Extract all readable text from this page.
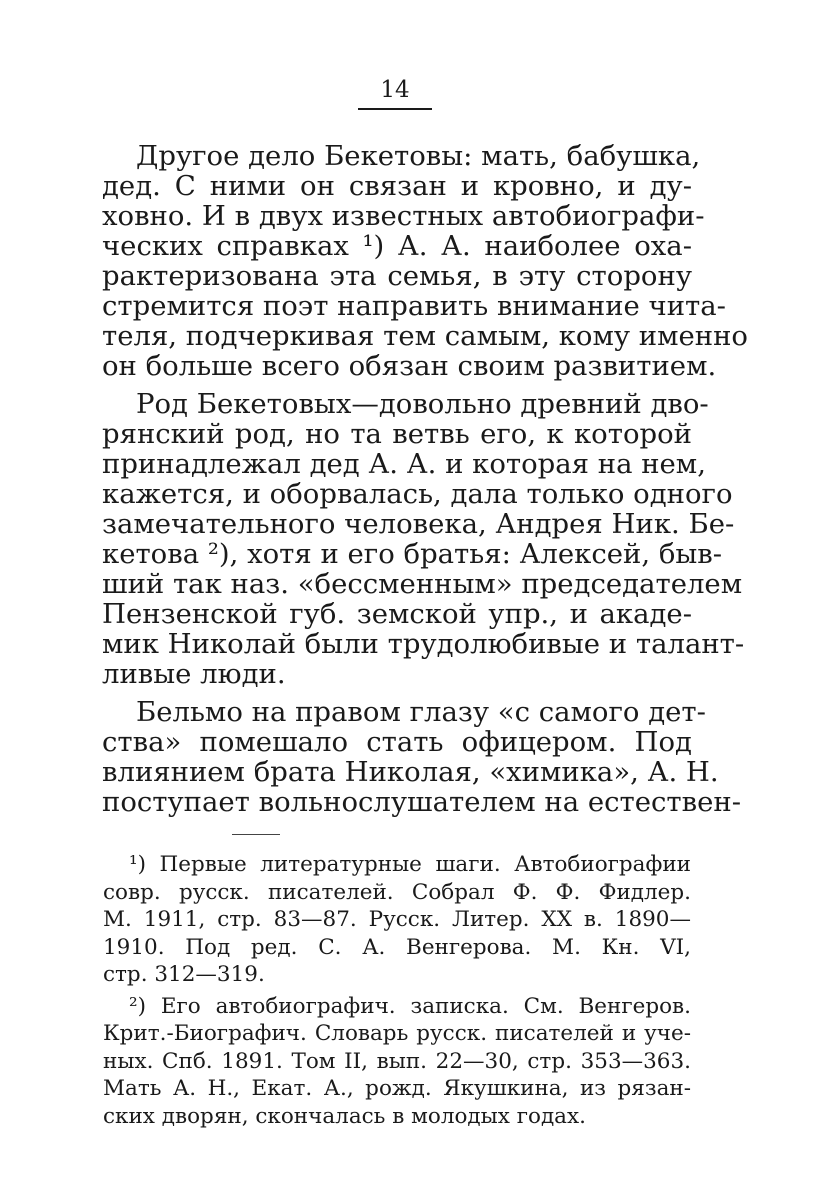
14
Другое дело Бекетовы: мать, бабушка,
дед. С ними он связан и кровно, и ду-
ховно. И в двух известных автобиографи-
ческих справках ¹) А. А. наиболее оха-
рактеризована эта семья, в эту сторону
стремится поэт направить внимание чита-
теля, подчеркивая тем самым, кому именно
он больше всего обязан своим развитием.
Род Бекетовых—довольно древний дво-
рянский род, но та ветвь его, к которой
принадлежал дед А. А. и которая на нем,
кажется, и оборвалась, дала только одного
замечательного человека, Андрея Ник. Бе-
кетова ²), хотя и его братья: Алексей, быв-
ший так наз. «бессменным» председателем
Пензенской губ. земской упр., и акаде-
мик Николай были трудолюбивые и талант-
ливые люди.
Бельмо на правом глазу «с самого дет-
ства» помешало стать офицером. Под
влиянием брата Николая, «химика», А. Н.
поступает вольнослушателем на естествен-
¹) Первые литературные шаги. Автобиографии
совр. русск. писателей. Собрал Ф. Ф. Фидлер.
М. 1911, стр. 83—87. Русск. Литер. XX в. 1890—
1910. Под ред. С. А. Венгерова. М. Кн. VI,
стр. 312—319.
²) Его автобиографич. записка. См. Венгеров.
Крит.-Биографич. Словарь русск. писателей и уче-
ных. Спб. 1891. Том II, вып. 22—30, стр. 353—363.
Мать А. Н., Екат. А., рожд. Якушкина, из рязан-
ских дворян, скончалась в молодых годах.
